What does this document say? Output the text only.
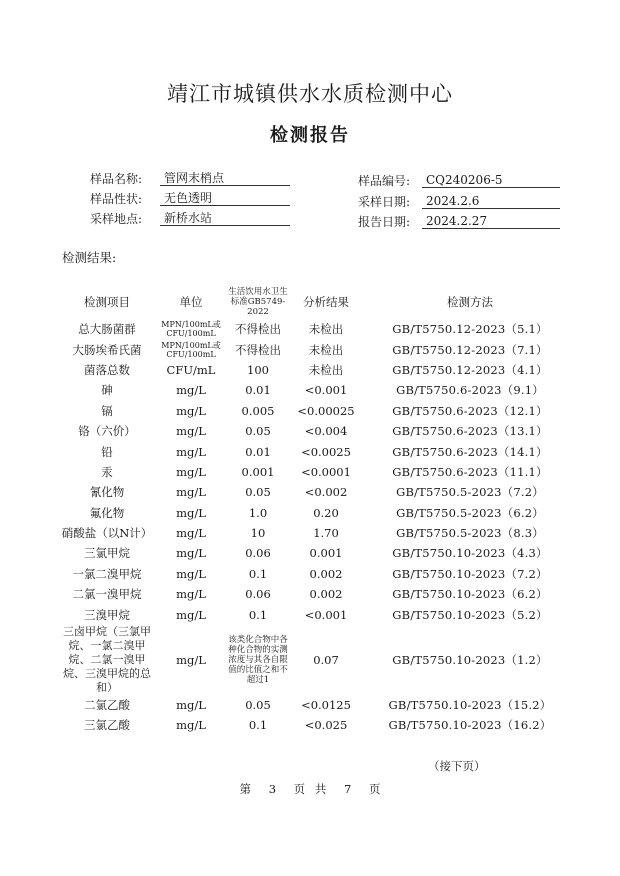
靖江市城镇供水水质检测中心
检测报告
样品名称:	管网末梢点	样品编号:	CQ240206-5
样品性状:	无色透明	采样日期:	2024.2.6
采样地点:	新桥水站	报告日期:	2024.2.27
检测结果:
检测项目	单位	生活饮用水卫生标准GB5749-2022	分析结果	检测方法
总大肠菌群	MPN/100mL或CFU/100mL	不得检出	未检出	GB/T5750.12-2023（5.1）
大肠埃希氏菌	MPN/100mL或CFU/100mL	不得检出	未检出	GB/T5750.12-2023（7.1）
菌落总数	CFU/mL	100	未检出	GB/T5750.12-2023（4.1）
砷	mg/L	0.01	<0.001	GB/T5750.6-2023（9.1）
镉	mg/L	0.005	<0.00025	GB/T5750.6-2023（12.1）
铬（六价）	mg/L	0.05	<0.004	GB/T5750.6-2023（13.1）
铅	mg/L	0.01	<0.0025	GB/T5750.6-2023（14.1）
汞	mg/L	0.001	<0.0001	GB/T5750.6-2023（11.1）
氰化物	mg/L	0.05	<0.002	GB/T5750.5-2023（7.2）
氟化物	mg/L	1.0	0.20	GB/T5750.5-2023（6.2）
硝酸盐（以N计）	mg/L	10	1.70	GB/T5750.5-2023（8.3）
三氯甲烷	mg/L	0.06	0.001	GB/T5750.10-2023（4.3）
一氯二溴甲烷	mg/L	0.1	0.002	GB/T5750.10-2023（7.2）
二氯一溴甲烷	mg/L	0.06	0.002	GB/T5750.10-2023（6.2）
三溴甲烷	mg/L	0.1	<0.001	GB/T5750.10-2023（5.2）
三卤甲烷（三氯甲烷、一氯二溴甲烷、二氯一溴甲烷、三溴甲烷的总和）	mg/L	该类化合物中各种化合物的实测浓度与其各自限值的比值之和不超过1	0.07	GB/T5750.10-2023（1.2）
二氯乙酸	mg/L	0.05	<0.0125	GB/T5750.10-2023（15.2）
三氯乙酸	mg/L	0.1	<0.025	GB/T5750.10-2023（16.2）
（接下页）
第 3 页 共 7 页
